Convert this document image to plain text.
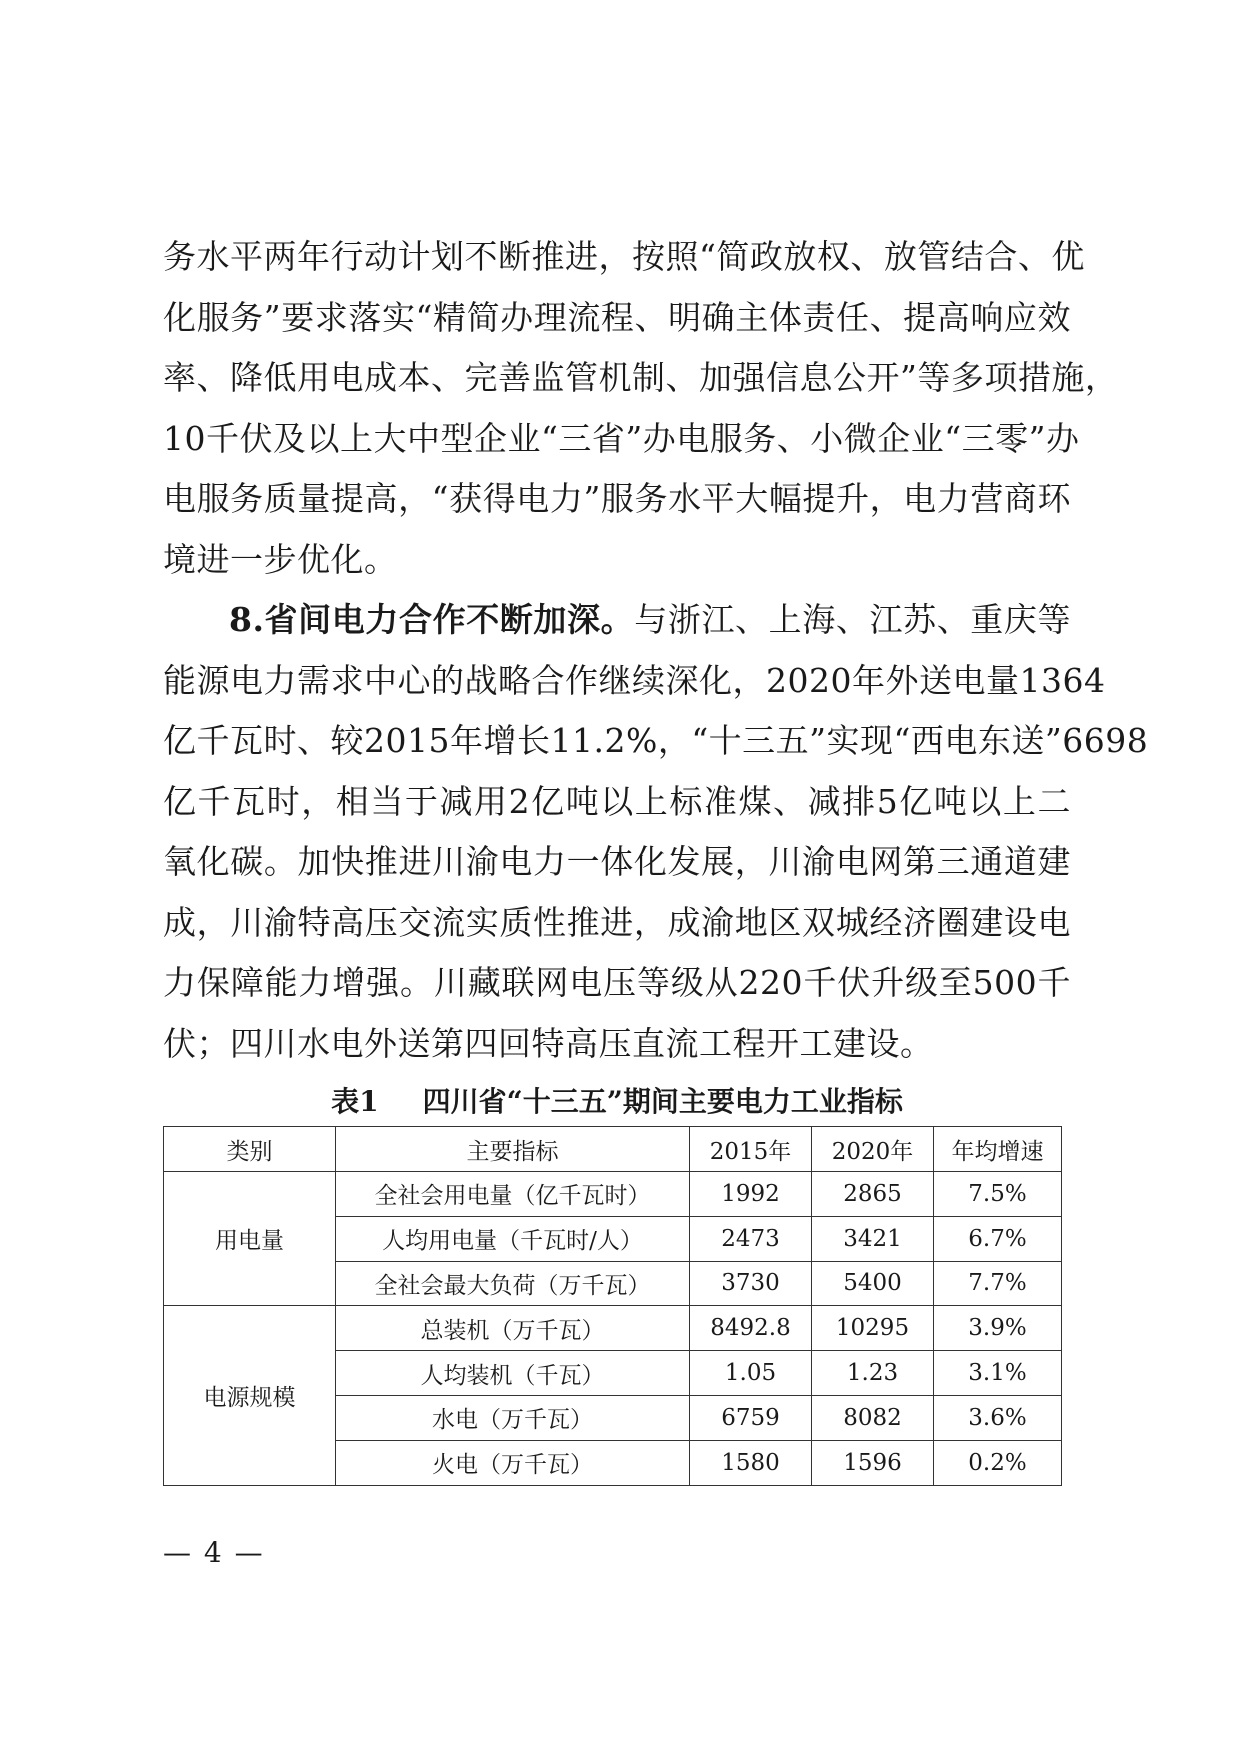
务水平两年行动计划不断推进，按照“简政放权、放管结合、优
化服务”要求落实“精简办理流程、明确主体责任、提高响应效
率、降低用电成本、完善监管机制、加强信息公开”等多项措施，
10千伏及以上大中型企业“三省”办电服务、小微企业“三零”办
电服务质量提高，“获得电力”服务水平大幅提升，电力营商环
境进一步优化。
8.省间电力合作不断加深。与浙江、上海、江苏、重庆等
能源电力需求中心的战略合作继续深化，2020年外送电量1364
亿千瓦时、较2015年增长11.2%，“十三五”实现“西电东送”6698
亿千瓦时，相当于减用2亿吨以上标准煤、减排5亿吨以上二
氧化碳。加快推进川渝电力一体化发展，川渝电网第三通道建
成，川渝特高压交流实质性推进，成渝地区双城经济圈建设电
力保障能力增强。川藏联网电压等级从220千伏升级至500千
伏；四川水电外送第四回特高压直流工程开工建设。
表1 四川省“十三五”期间主要电力工业指标
类别	主要指标	2015年	2020年	年均增速
用电量	全社会用电量（亿千瓦时）	1992	2865	7.5%
	人均用电量（千瓦时/人）	2473	3421	6.7%
	全社会最大负荷（万千瓦）	3730	5400	7.7%
电源规模	总装机（万千瓦）	8492.8	10295	3.9%
	人均装机（千瓦）	1.05	1.23	3.1%
	水电（万千瓦）	6759	8082	3.6%
	火电（万千瓦）	1580	1596	0.2%
— 4 —
